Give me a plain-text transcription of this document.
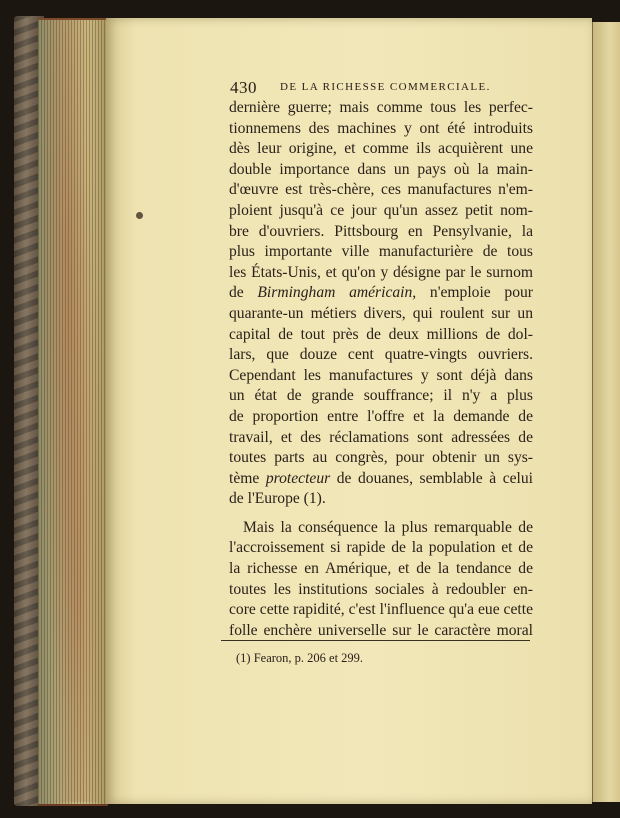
430 DE LA RICHESSE COMMERCIALE.
dernière guerre; mais comme tous les perfec-
tionnemens des machines y ont été introduits
dès leur origine, et comme ils acquièrent une
double importance dans un pays où la main-
d'œuvre est très-chère, ces manufactures n'em-
ploient jusqu'à ce jour qu'un assez petit nom-
bre d'ouvriers. Pittsbourg en Pensylvanie, la
plus importante ville manufacturière de tous
les États-Unis, et qu'on y désigne par le surnom
de Birmingham américain, n'emploie pour
quarante-un métiers divers, qui roulent sur un
capital de tout près de deux millions de dol-
lars, que douze cent quatre-vingts ouvriers.
Cependant les manufactures y sont déjà dans
un état de grande souffrance; il n'y a plus
de proportion entre l'offre et la demande de
travail, et des réclamations sont adressées de
toutes parts au congrès, pour obtenir un sys-
tème protecteur de douanes, semblable à celui
de l'Europe (1).
Mais la conséquence la plus remarquable de
l'accroissement si rapide de la population et de
la richesse en Amérique, et de la tendance de
toutes les institutions sociales à redoubler en-
core cette rapidité, c'est l'influence qu'a eue cette
folle enchère universelle sur le caractère moral
(1) Fearon, p. 206 et 299.
